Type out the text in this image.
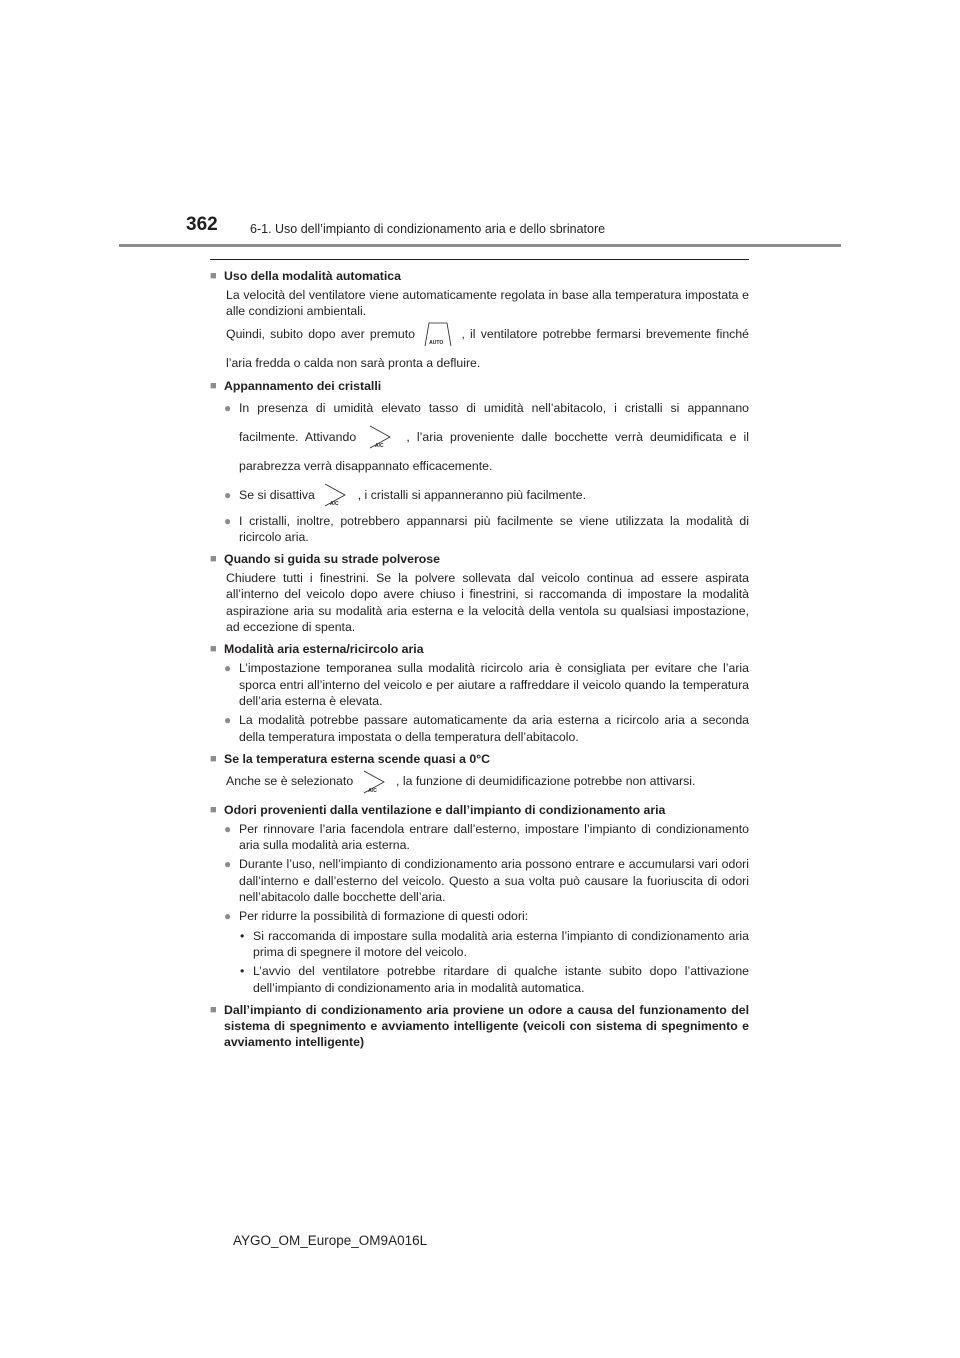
362	6-1. Uso dell’impianto di condizionamento aria e dello sbrinatore
■ Uso della modalità automatica
La velocità del ventilatore viene automaticamente regolata in base alla temperatura impostata e alle condizioni ambientali.
Quindi, subito dopo aver premuto
AUTO
, il ventilatore potrebbe fermarsi brevemente finché l’aria fredda o calda non sarà pronta a defluire.
■ Appannamento dei cristalli
● In presenza di umidità elevato tasso di umidità nell’abitacolo, i cristalli si appannano facilmente. Attivando
A/C
, l’aria proveniente dalle bocchette verrà deumidificata e il parabrezza verrà disappannato efficacemente.
● Se si disattiva
A/C
, i cristalli si appanneranno più facilmente.
● I cristalli, inoltre, potrebbero appannarsi più facilmente se viene utilizzata la modalità di ricircolo aria.
■ Quando si guida su strade polverose
Chiudere tutti i finestrini. Se la polvere sollevata dal veicolo continua ad essere aspirata all’interno del veicolo dopo avere chiuso i finestrini, si raccomanda di impostare la modalità aspirazione aria su modalità aria esterna e la velocità della ventola su qualsiasi impostazione, ad eccezione di spenta.
■ Modalità aria esterna/ricircolo aria
● L’impostazione temporanea sulla modalità ricircolo aria è consigliata per evitare che l’aria sporca entri all’interno del veicolo e per aiutare a raffreddare il veicolo quando la temperatura dell’aria esterna è elevata.
● La modalità potrebbe passare automaticamente da aria esterna a ricircolo aria a seconda della temperatura impostata o della temperatura dell’abitacolo.
■ Se la temperatura esterna scende quasi a 0°C
Anche se è selezionato
A/C
, la funzione di deumidificazione potrebbe non attivarsi.
■ Odori provenienti dalla ventilazione e dall’impianto di condizionamento aria
● Per rinnovare l’aria facendola entrare dall’esterno, impostare l’impianto di condizionamento aria sulla modalità aria esterna.
● Durante l’uso, nell’impianto di condizionamento aria possono entrare e accumularsi vari odori dall’interno e dall’esterno del veicolo. Questo a sua volta può causare la fuoriuscita di odori nell’abitacolo dalle bocchette dell’aria.
● Per ridurre la possibilità di formazione di questi odori:
• Si raccomanda di impostare sulla modalità aria esterna l’impianto di condizionamento aria prima di spegnere il motore del veicolo.
• L’avvio del ventilatore potrebbe ritardare di qualche istante subito dopo l’attivazione dell’impianto di condizionamento aria in modalità automatica.
■ Dall’impianto di condizionamento aria proviene un odore a causa del funzionamento del sistema di spegnimento e avviamento intelligente (veicoli con sistema di spegnimento e avviamento intelligente)
AYGO_OM_Europe_OM9A016L
